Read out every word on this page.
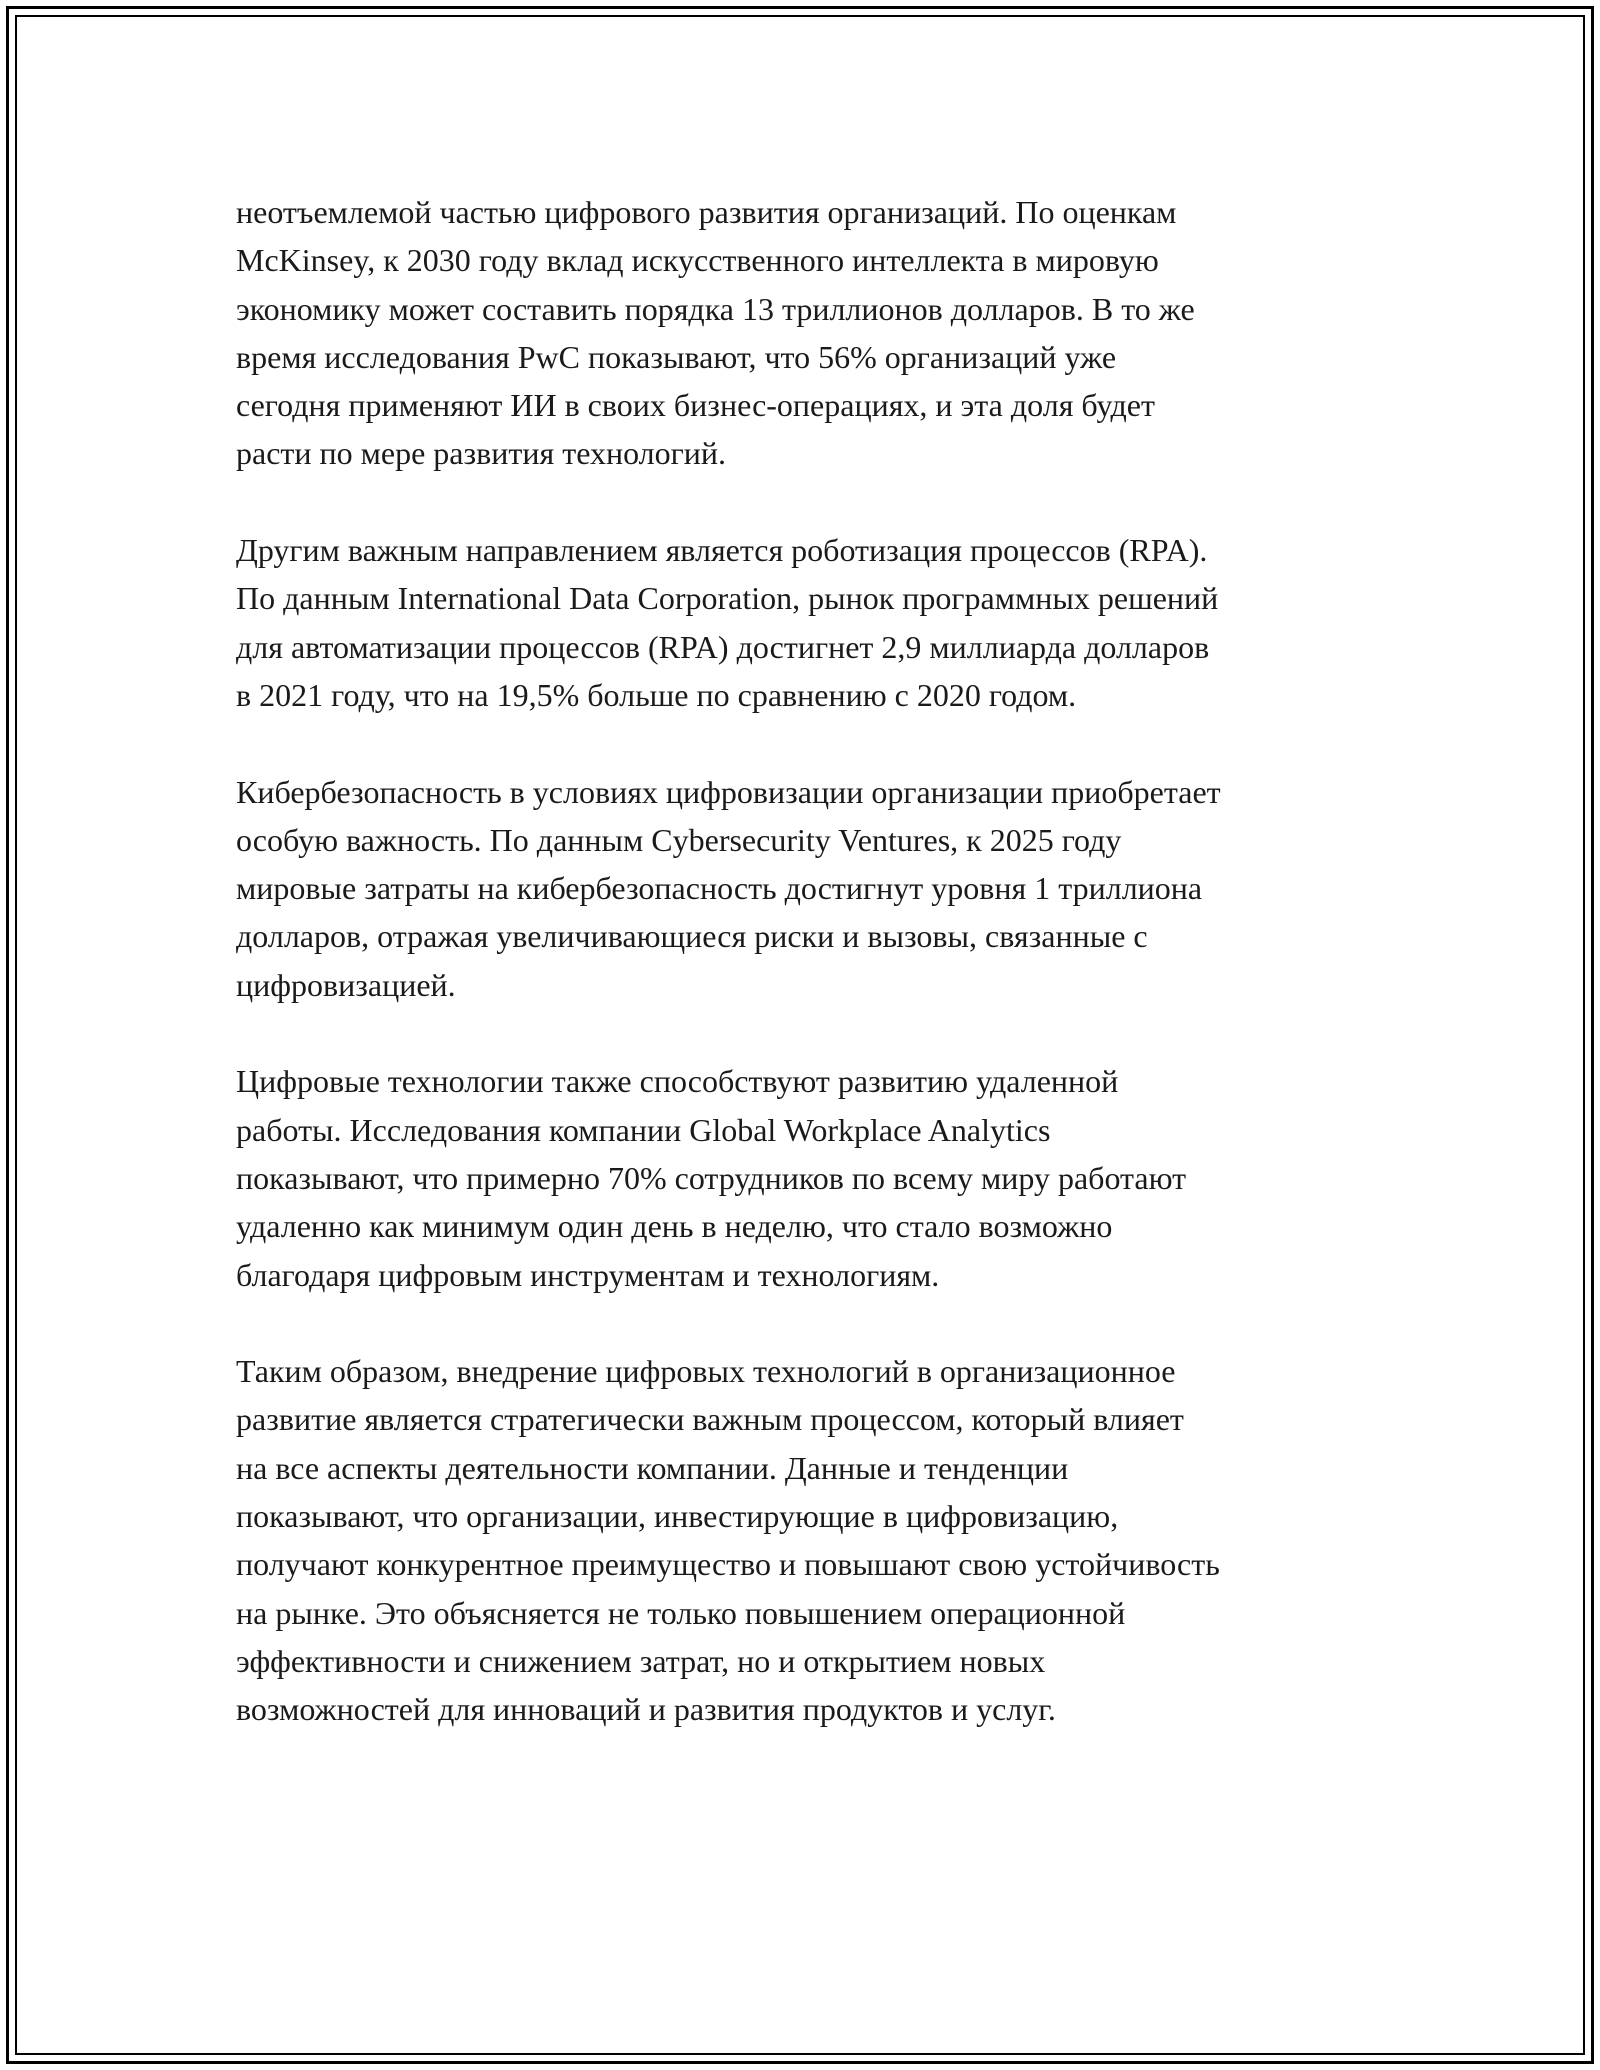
неотъемлемой частью цифрового развития организаций. По оценкам
McKinsey, к 2030 году вклад искусственного интеллекта в мировую
экономику может составить порядка 13 триллионов долларов. В то же
время исследования PwC показывают, что 56% организаций уже
сегодня применяют ИИ в своих бизнес-операциях, и эта доля будет
расти по мере развития технологий.

Другим важным направлением является роботизация процессов (RPA).
По данным International Data Corporation, рынок программных решений
для автоматизации процессов (RPA) достигнет 2,9 миллиарда долларов
в 2021 году, что на 19,5% больше по сравнению с 2020 годом.

Кибербезопасность в условиях цифровизации организации приобретает
особую важность. По данным Cybersecurity Ventures, к 2025 году
мировые затраты на кибербезопасность достигнут уровня 1 триллиона
долларов, отражая увеличивающиеся риски и вызовы, связанные с
цифровизацией.

Цифровые технологии также способствуют развитию удаленной
работы. Исследования компании Global Workplace Analytics
показывают, что примерно 70% сотрудников по всему миру работают
удаленно как минимум один день в неделю, что стало возможно
благодаря цифровым инструментам и технологиям.

Таким образом, внедрение цифровых технологий в организационное
развитие является стратегически важным процессом, который влияет
на все аспекты деятельности компании. Данные и тенденции
показывают, что организации, инвестирующие в цифровизацию,
получают конкурентное преимущество и повышают свою устойчивость
на рынке. Это объясняется не только повышением операционной
эффективности и снижением затрат, но и открытием новых
возможностей для инноваций и развития продуктов и услуг.
